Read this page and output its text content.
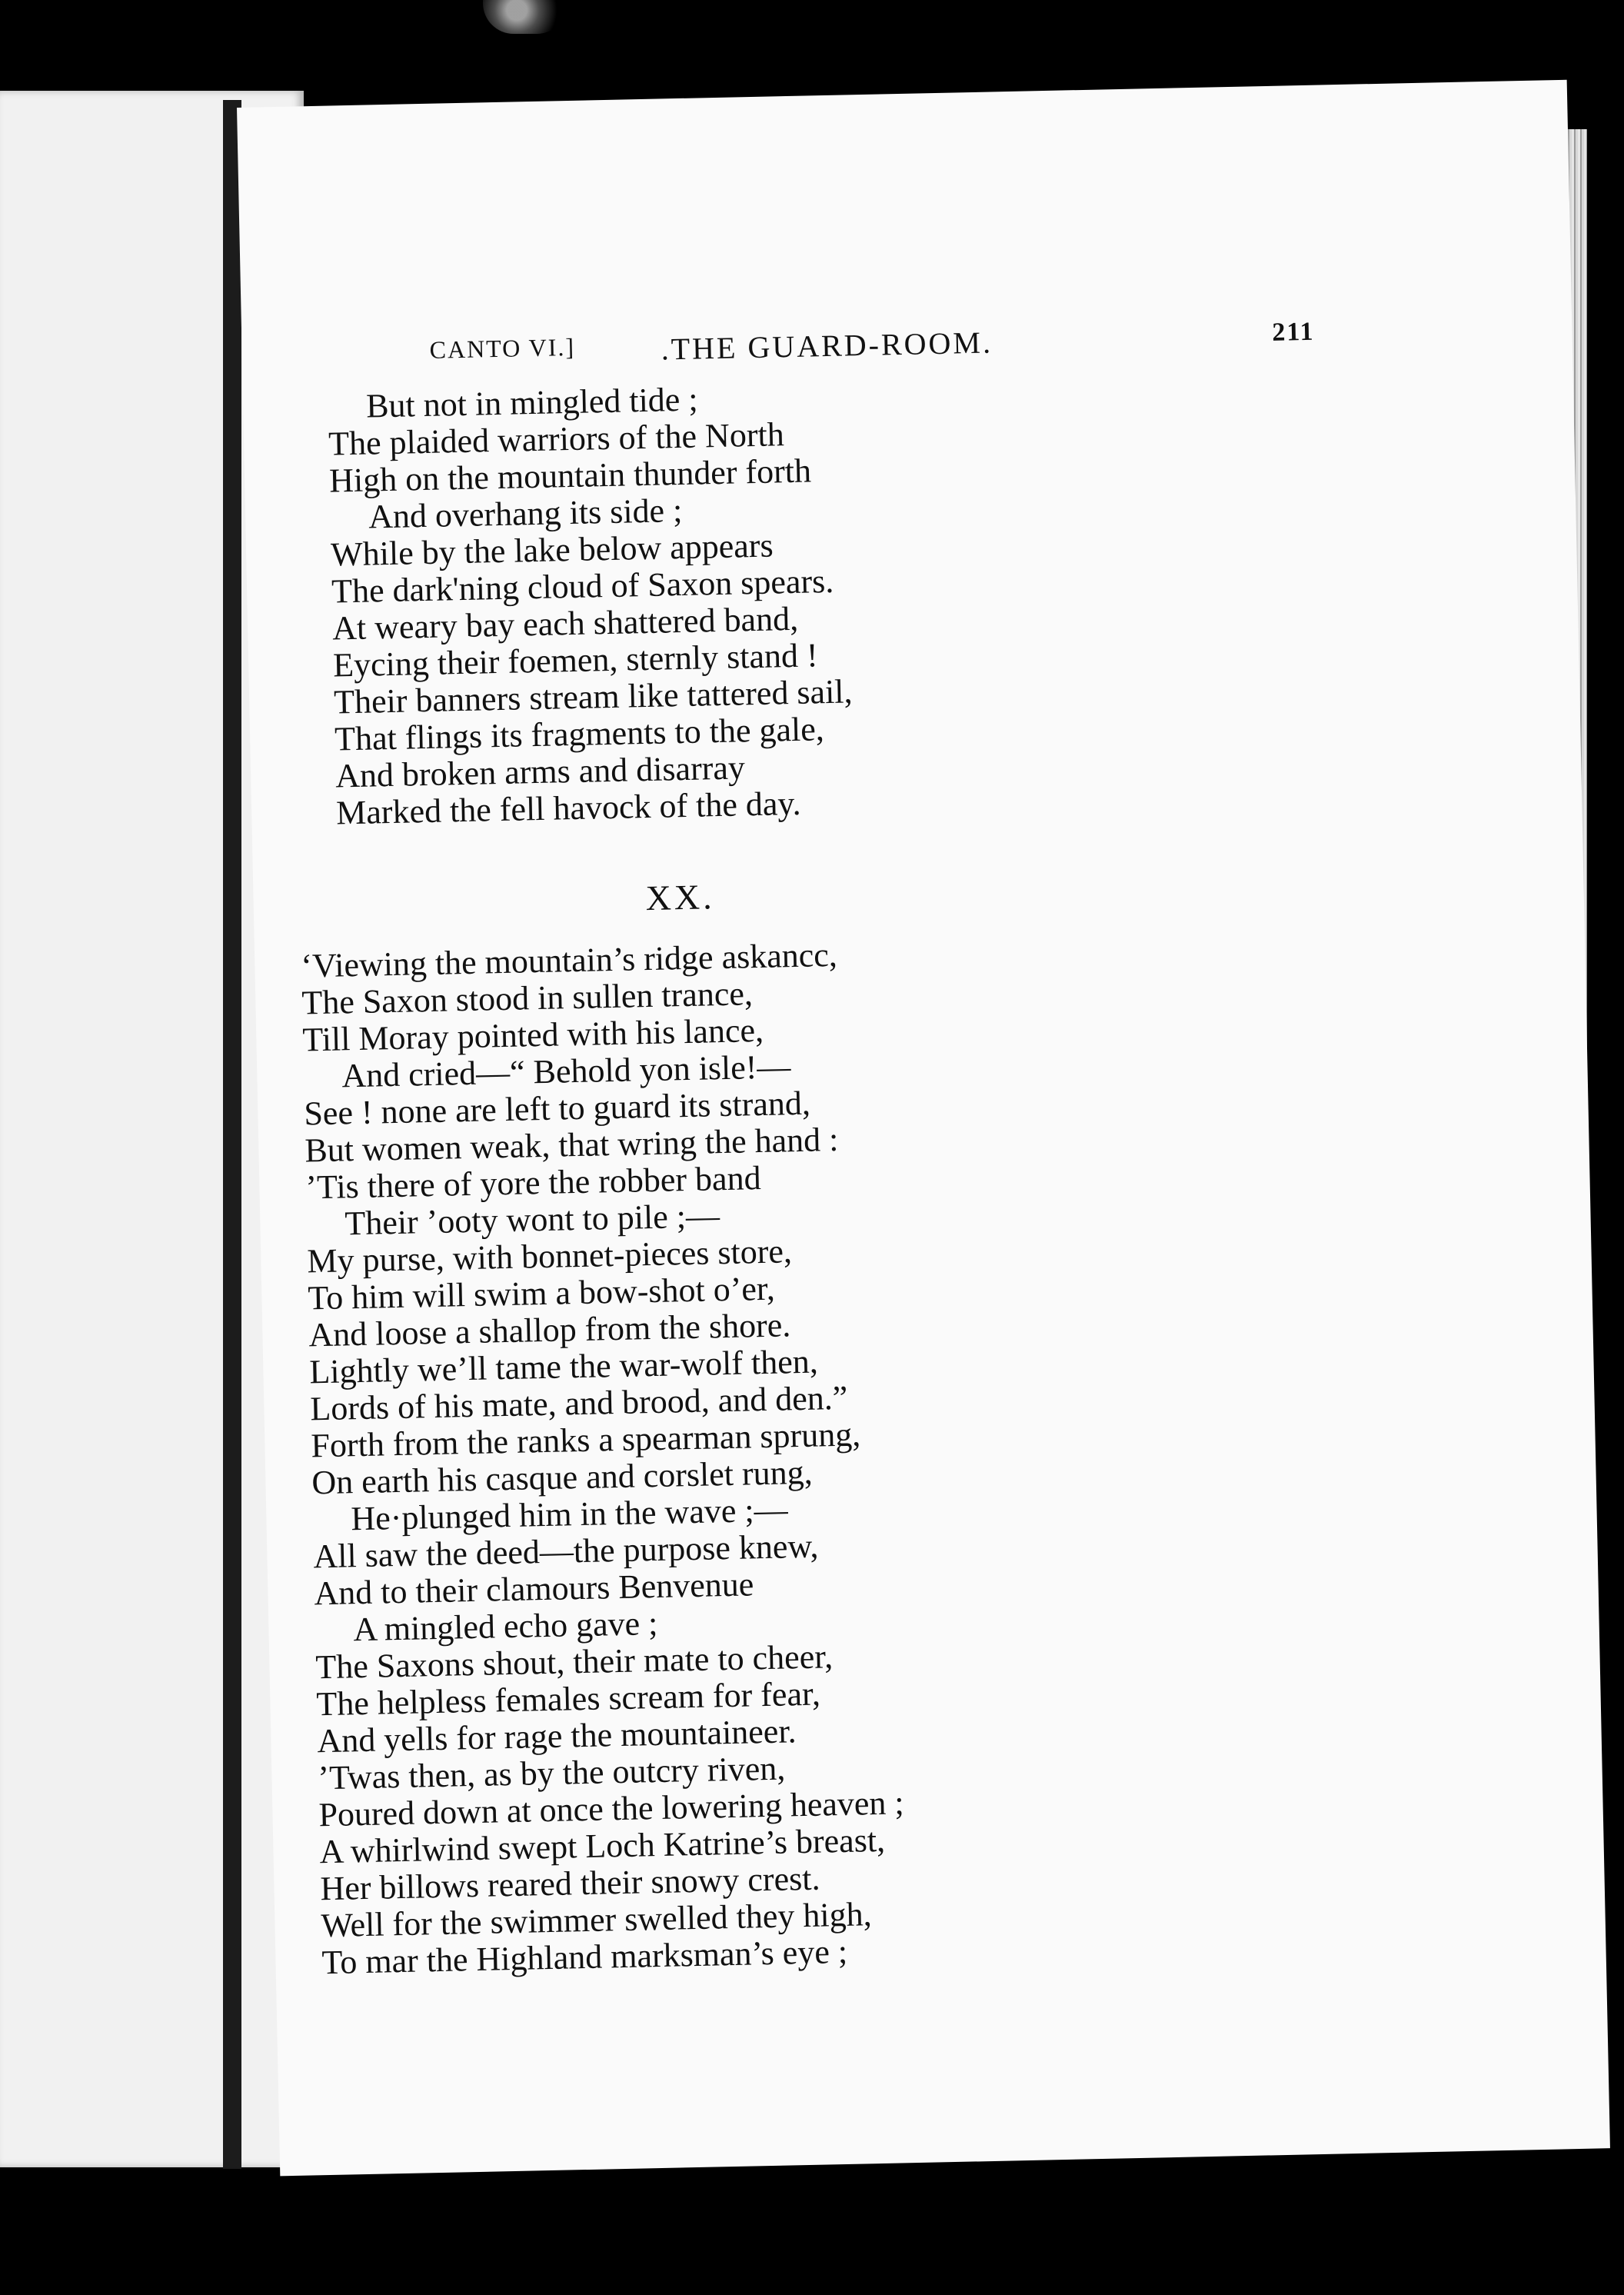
CANTO VI.]	.THE GUARD-ROOM.	211
But not in mingled tide ;
The plaided warriors of the North
High on the mountain thunder forth
And overhang its side ;
While by the lake below appears
The dark'ning cloud of Saxon spears.
At weary bay each shattered band,
Eycing their foemen, sternly stand !
Their banners stream like tattered sail,
That flings its fragments to the gale,
And broken arms and disarray
Marked the fell havock of the day.
XX.
‘Viewing the mountain’s ridge askancc,
The Saxon stood in sullen trance,
Till Moray pointed with his lance,
And cried—“ Behold yon isle!—
See ! none are left to guard its strand,
But women weak, that wring the hand :
’Tis there of yore the robber band
Their ’ooty wont to pile ;—
My purse, with bonnet-pieces store,
To him will swim a bow-shot o’er,
And loose a shallop from the shore.
Lightly we’ll tame the war-wolf then,
Lords of his mate, and brood, and den.”
Forth from the ranks a spearman sprung,
On earth his casque and corslet rung,
He·plunged him in the wave ;—
All saw the deed—the purpose knew,
And to their clamours Benvenue
A mingled echo gave ;
The Saxons shout, their mate to cheer,
The helpless females scream for fear,
And yells for rage the mountaineer.
’Twas then, as by the outcry riven,
Poured down at once the lowering heaven ;
A whirlwind swept Loch Katrine’s breast,
Her billows reared their snowy crest.
Well for the swimmer swelled they high,
To mar the Highland marksman’s eye ;
